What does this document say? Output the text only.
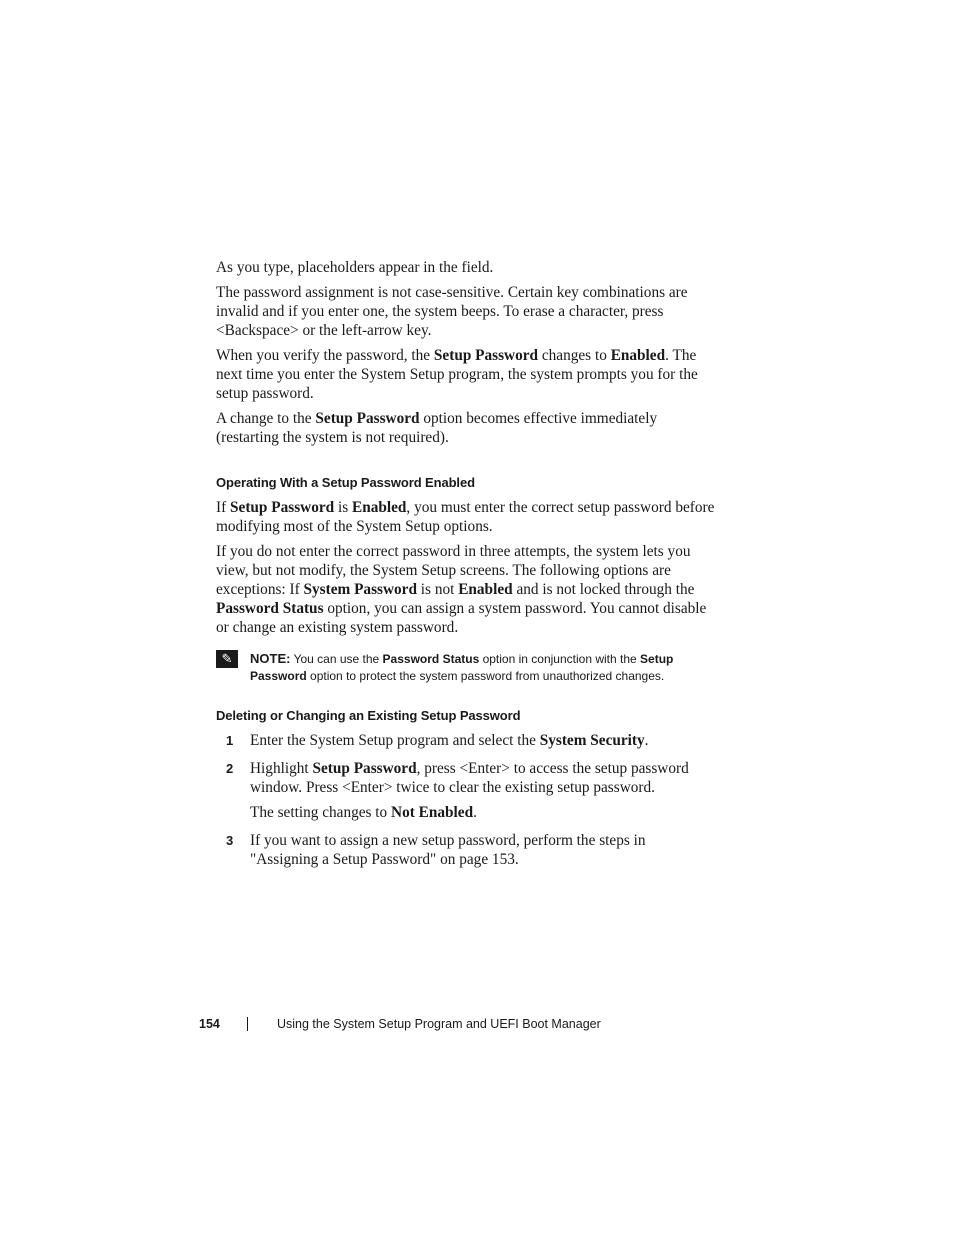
As you type, placeholders appear in the field.

The password assignment is not case-sensitive. Certain key combinations are invalid and if you enter one, the system beeps. To erase a character, press <Backspace> or the left-arrow key.

When you verify the password, the Setup Password changes to Enabled. The next time you enter the System Setup program, the system prompts you for the setup password.

A change to the Setup Password option becomes effective immediately (restarting the system is not required).

Operating With a Setup Password Enabled

If Setup Password is Enabled, you must enter the correct setup password before modifying most of the System Setup options.

If you do not enter the correct password in three attempts, the system lets you view, but not modify, the System Setup screens. The following options are exceptions: If System Password is not Enabled and is not locked through the Password Status option, you can assign a system password. You cannot disable or change an existing system password.

✎	NOTE: You can use the Password Status option in conjunction with the Setup Password option to protect the system password from unauthorized changes.
Deleting or Changing an Existing Setup Password
1	Enter the System Setup program and select the System Security.

2	Highlight Setup Password, press <Enter> to access the setup password window. Press <Enter> twice to clear the existing setup password.

The setting changes to Not Enabled.

3	If you want to assign a new setup password, perform the steps in "Assigning a Setup Password" on page 153.

154	Using the System Setup Program and UEFI Boot Manager
